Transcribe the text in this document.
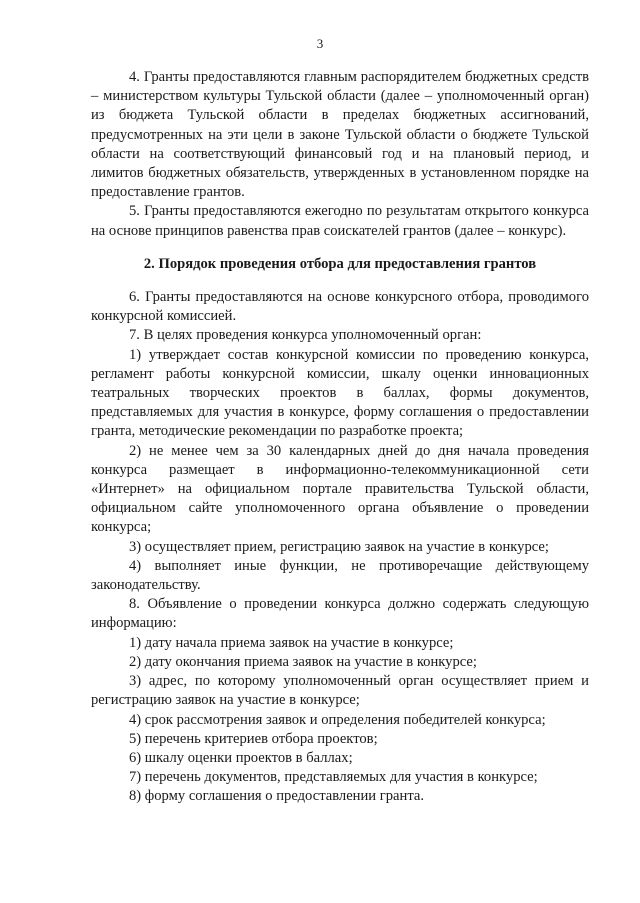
3

4. Гранты предоставляются главным распорядителем бюджетных средств – министерством культуры Тульской области (далее – уполномоченный орган) из бюджета Тульской области в пределах бюджетных ассигнований, предусмотренных на эти цели в законе Тульской области о бюджете Тульской области на соответствующий финансовый год и на плановый период, и лимитов бюджетных обязательств, утвержденных в установленном порядке на предоставление грантов.

5. Гранты предоставляются ежегодно по результатам открытого конкурса на основе принципов равенства прав соискателей грантов (далее – конкурс).

2. Порядок проведения отбора для предоставления грантов

6. Гранты предоставляются на основе конкурсного отбора, проводимого конкурсной комиссией.

7. В целях проведения конкурса уполномоченный орган:

1) утверждает состав конкурсной комиссии по проведению конкурса, регламент работы конкурсной комиссии, шкалу оценки инновационных театральных творческих проектов в баллах, формы документов, представляемых для участия в конкурсе, форму соглашения о предоставлении гранта, методические рекомендации по разработке проекта;

2) не менее чем за 30 календарных дней до дня начала проведения конкурса размещает в информационно-телекоммуникационной сети «Интернет» на официальном портале правительства Тульской области, официальном сайте уполномоченного органа объявление о проведении конкурса;

3) осуществляет прием, регистрацию заявок на участие в конкурсе;

4) выполняет иные функции, не противоречащие действующему законодательству.

8. Объявление о проведении конкурса должно содержать следующую информацию:

1) дату начала приема заявок на участие в конкурсе;

2) дату окончания приема заявок на участие в конкурсе;

3) адрес, по которому уполномоченный орган осуществляет прием и регистрацию заявок на участие в конкурсе;

4) срок рассмотрения заявок и определения победителей конкурса;

5) перечень критериев отбора проектов;

6) шкалу оценки проектов в баллах;

7) перечень документов, представляемых для участия в конкурсе;

8) форму соглашения о предоставлении гранта.
